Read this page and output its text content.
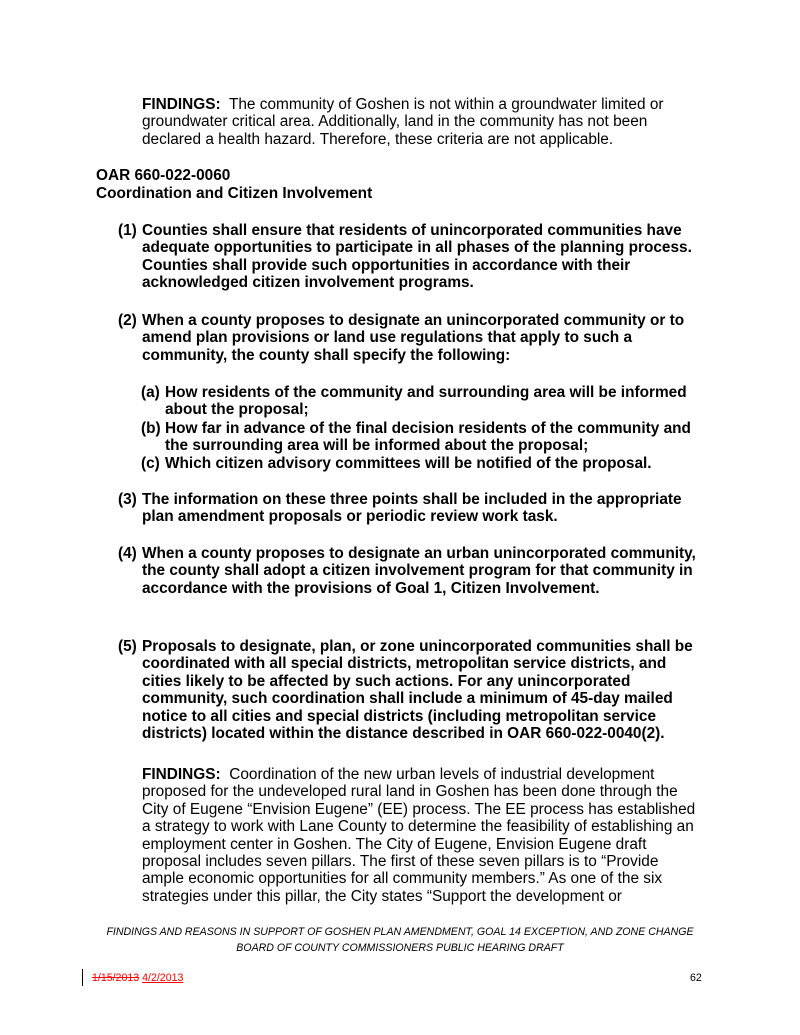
FINDINGS: The community of Goshen is not within a groundwater limited or groundwater critical area. Additionally, land in the community has not been declared a health hazard. Therefore, these criteria are not applicable.
OAR 660-022-0060
Coordination and Citizen Involvement
(1) Counties shall ensure that residents of unincorporated communities have adequate opportunities to participate in all phases of the planning process. Counties shall provide such opportunities in accordance with their acknowledged citizen involvement programs.
(2) When a county proposes to designate an unincorporated community or to amend plan provisions or land use regulations that apply to such a community, the county shall specify the following:
(a) How residents of the community and surrounding area will be informed about the proposal;
(b) How far in advance of the final decision residents of the community and the surrounding area will be informed about the proposal;
(c) Which citizen advisory committees will be notified of the proposal.
(3) The information on these three points shall be included in the appropriate plan amendment proposals or periodic review work task.
(4) When a county proposes to designate an urban unincorporated community, the county shall adopt a citizen involvement program for that community in accordance with the provisions of Goal 1, Citizen Involvement.
(5) Proposals to designate, plan, or zone unincorporated communities shall be coordinated with all special districts, metropolitan service districts, and cities likely to be affected by such actions. For any unincorporated community, such coordination shall include a minimum of 45-day mailed notice to all cities and special districts (including metropolitan service districts) located within the distance described in OAR 660-022-0040(2).
FINDINGS: Coordination of the new urban levels of industrial development proposed for the undeveloped rural land in Goshen has been done through the City of Eugene “Envision Eugene” (EE) process. The EE process has established a strategy to work with Lane County to determine the feasibility of establishing an employment center in Goshen. The City of Eugene, Envision Eugene draft proposal includes seven pillars. The first of these seven pillars is to “Provide ample economic opportunities for all community members.” As one of the six strategies under this pillar, the City states “Support the development or
FINDINGS AND REASONS IN SUPPORT OF GOSHEN PLAN AMENDMENT, GOAL 14 EXCEPTION, AND ZONE CHANGE
BOARD OF COUNTY COMMISSIONERS PUBLIC HEARING DRAFT
1/15/2013 4/2/2013	62
